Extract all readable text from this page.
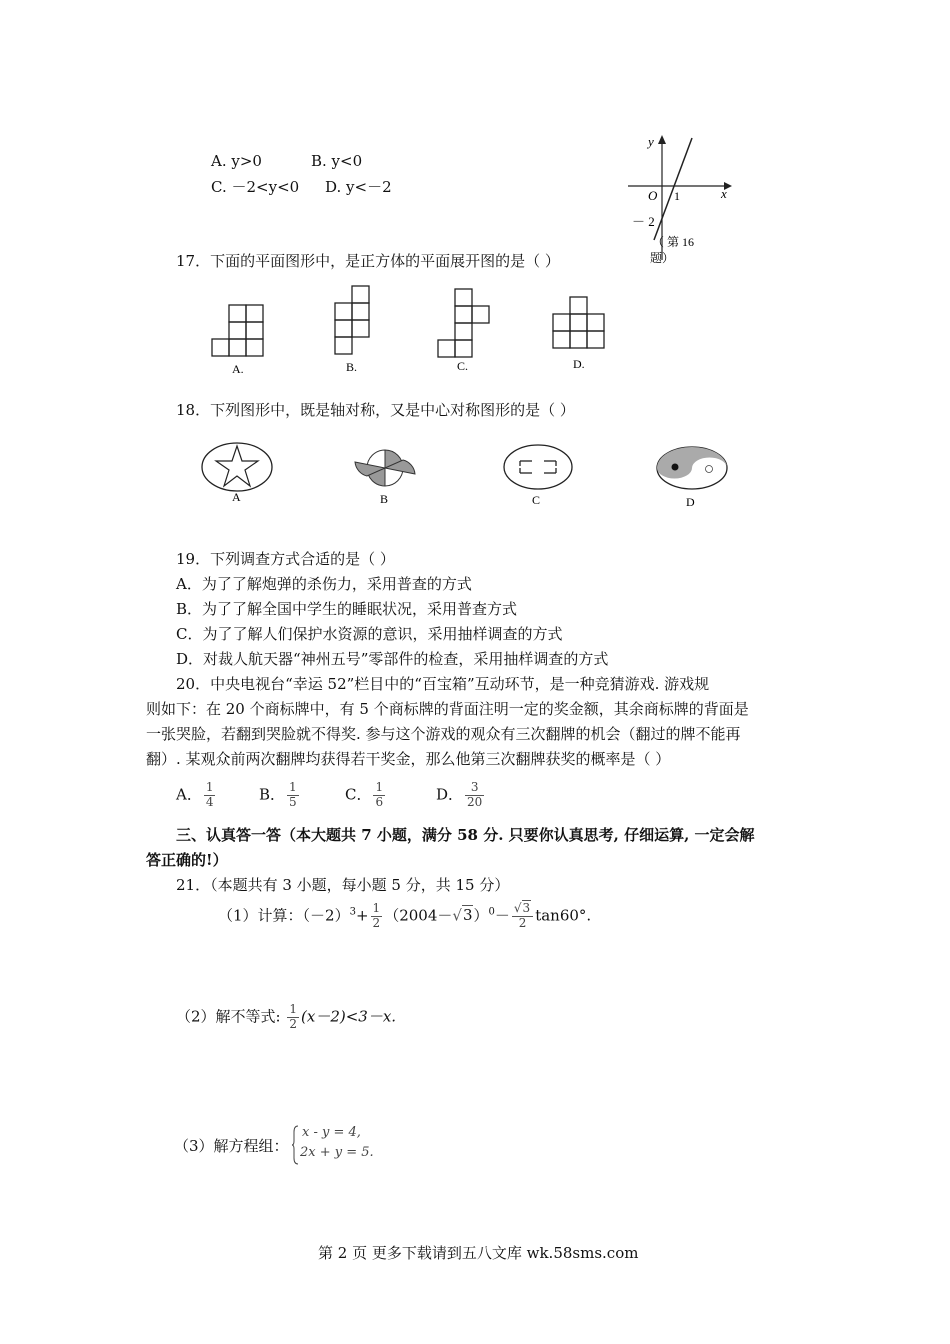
A. y>0	B. y<0
C. －2<y<0 D. y<－2
y
x
O 1
－ 2
（ 第 16
题）
17．下面的平面图形中，是正方体的平面展开图的是（ ）
A.	B.	C.	D.
18．下列图形中，既是轴对称，又是中心对称图形的是（ ）
A	B	C	D
19．下列调查方式合适的是（ ）
A．为了了解炮弹的杀伤力，采用普查的方式
B．为了了解全国中学生的睡眠状况，采用普查方式
C．为了了解人们保护水资源的意识，采用抽样调查的方式
D．对裁人航天器“神州五号”零部件的检查，采用抽样调查的方式
20．中央电视台“幸运 52”栏目中的“百宝箱”互动环节，是一种竞猜游戏. 游戏规
则如下：在 20 个商标牌中，有 5 个商标牌的背面注明一定的奖金额，其余商标牌的背面是
一张哭脸，若翻到哭脸就不得奖. 参与这个游戏的观众有三次翻牌的机会（翻过的牌不能再
翻）. 某观众前两次翻牌均获得若干奖金，那么他第三次翻牌获奖的概率是（ ）
A． $\frac{1}{4}$	B． $\frac{1}{5}$	C． $\frac{1}{6}$	D． $\frac{3}{20}$
三、认真答一答（本大题共 7 小题，满分 58 分. 只要你认真思考, 仔细运算, 一定会解
答正确的!）
21．（本题共有 3 小题，每小题 5 分，共 15 分）
（1）计算：$(-2)^3+ \frac{1}{2} (2004-√3)^0- \frac{√3}{2} \tan 60^\circ$.
（2）解不等式: $\frac{1}{2} (x-2)<3-x$.
（3）解方程组：
x - y = 4,
2x + y = 5.
第 2 页 更多下载请到五八文库 wk.58sms.com
